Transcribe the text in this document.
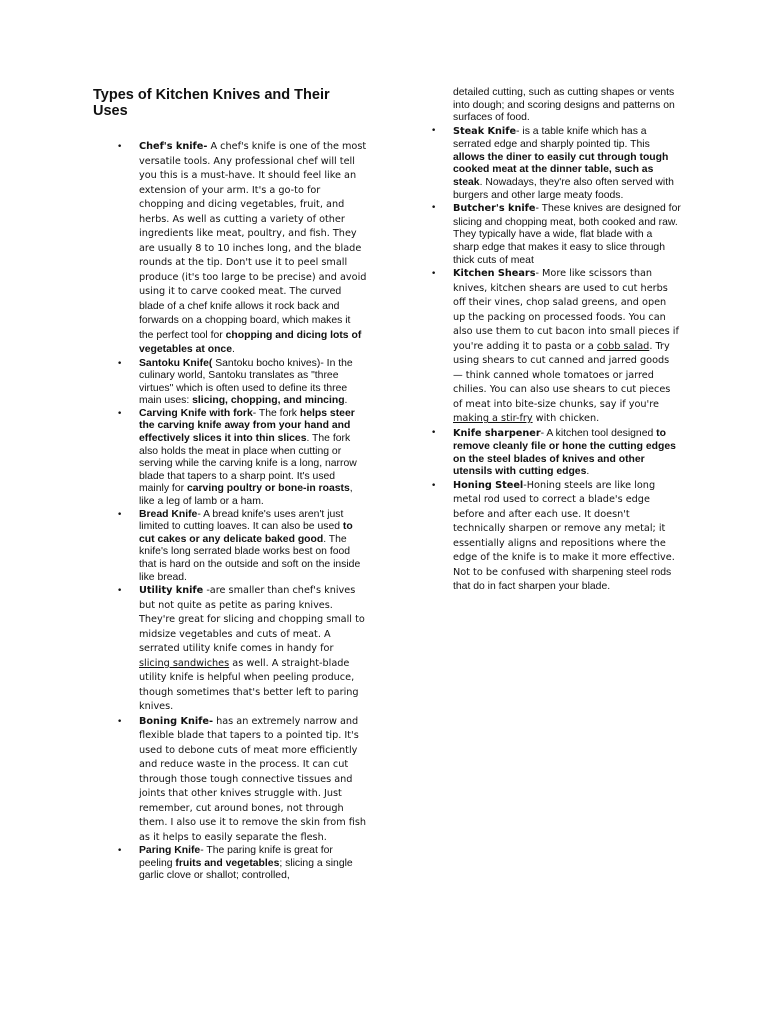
Types of Kitchen Knives and Their Uses
• Chef's knife- A chef's knife is one of the most versatile tools. Any professional chef will tell you this is a must-have. It should feel like an extension of your arm. It's a go-to for chopping and dicing vegetables, fruit, and herbs. As well as cutting a variety of other ingredients like meat, poultry, and fish. They are usually 8 to 10 inches long, and the blade rounds at the tip. Don't use it to peel small produce (it's too large to be precise) and avoid using it to carve cooked meat. The curved blade of a chef knife allows it rock back and forwards on a chopping board, which makes it the perfect tool for chopping and dicing lots of vegetables at once.
• Santoku Knife( Santoku bocho knives)- In the culinary world, Santoku translates as "three virtues" which is often used to define its three main uses: slicing, chopping, and mincing.
• Carving Knife with fork- The fork helps steer the carving knife away from your hand and effectively slices it into thin slices. The fork also holds the meat in place when cutting or serving while the carving knife is a long, narrow blade that tapers to a sharp point. It's used mainly for carving poultry or bone-in roasts, like a leg of lamb or a ham.
• Bread Knife- A bread knife's uses aren't just limited to cutting loaves. It can also be used to cut cakes or any delicate baked good. The knife's long serrated blade works best on food that is hard on the outside and soft on the inside like bread.
• Utility knife -are smaller than chef's knives but not quite as petite as paring knives. They're great for slicing and chopping small to midsize vegetables and cuts of meat. A serrated utility knife comes in handy for slicing sandwiches as well. A straight-blade utility knife is helpful when peeling produce, though sometimes that's better left to paring knives.
• Boning Knife- has an extremely narrow and flexible blade that tapers to a pointed tip. It's used to debone cuts of meat more efficiently and reduce waste in the process. It can cut through those tough connective tissues and joints that other knives struggle with. Just remember, cut around bones, not through them. I also use it to remove the skin from fish as it helps to easily separate the flesh.
• Paring Knife- The paring knife is great for peeling fruits and vegetables; slicing a single garlic clove or shallot; controlled,
detailed cutting, such as cutting shapes or vents into dough; and scoring designs and patterns on surfaces of food.
• Steak Knife- is a table knife which has a serrated edge and sharply pointed tip. This allows the diner to easily cut through tough cooked meat at the dinner table, such as steak. Nowadays, they're also often served with burgers and other large meaty foods.
• Butcher's knife- These knives are designed for slicing and chopping meat, both cooked and raw. They typically have a wide, flat blade with a sharp edge that makes it easy to slice through thick cuts of meat
• Kitchen Shears- More like scissors than knives, kitchen shears are used to cut herbs off their vines, chop salad greens, and open up the packing on processed foods. You can also use them to cut bacon into small pieces if you're adding it to pasta or a cobb salad. Try using shears to cut canned and jarred goods — think canned whole tomatoes or jarred chilies. You can also use shears to cut pieces of meat into bite-size chunks, say if you're making a stir-fry with chicken.
• Knife sharpener- A kitchen tool designed to remove cleanly file or hone the cutting edges on the steel blades of knives and other utensils with cutting edges.
• Honing Steel-Honing steels are like long metal rod used to correct a blade's edge before and after each use. It doesn't technically sharpen or remove any metal; it essentially aligns and repositions where the edge of the knife is to make it more effective. Not to be confused with sharpening steel rods that do in fact sharpen your blade.
